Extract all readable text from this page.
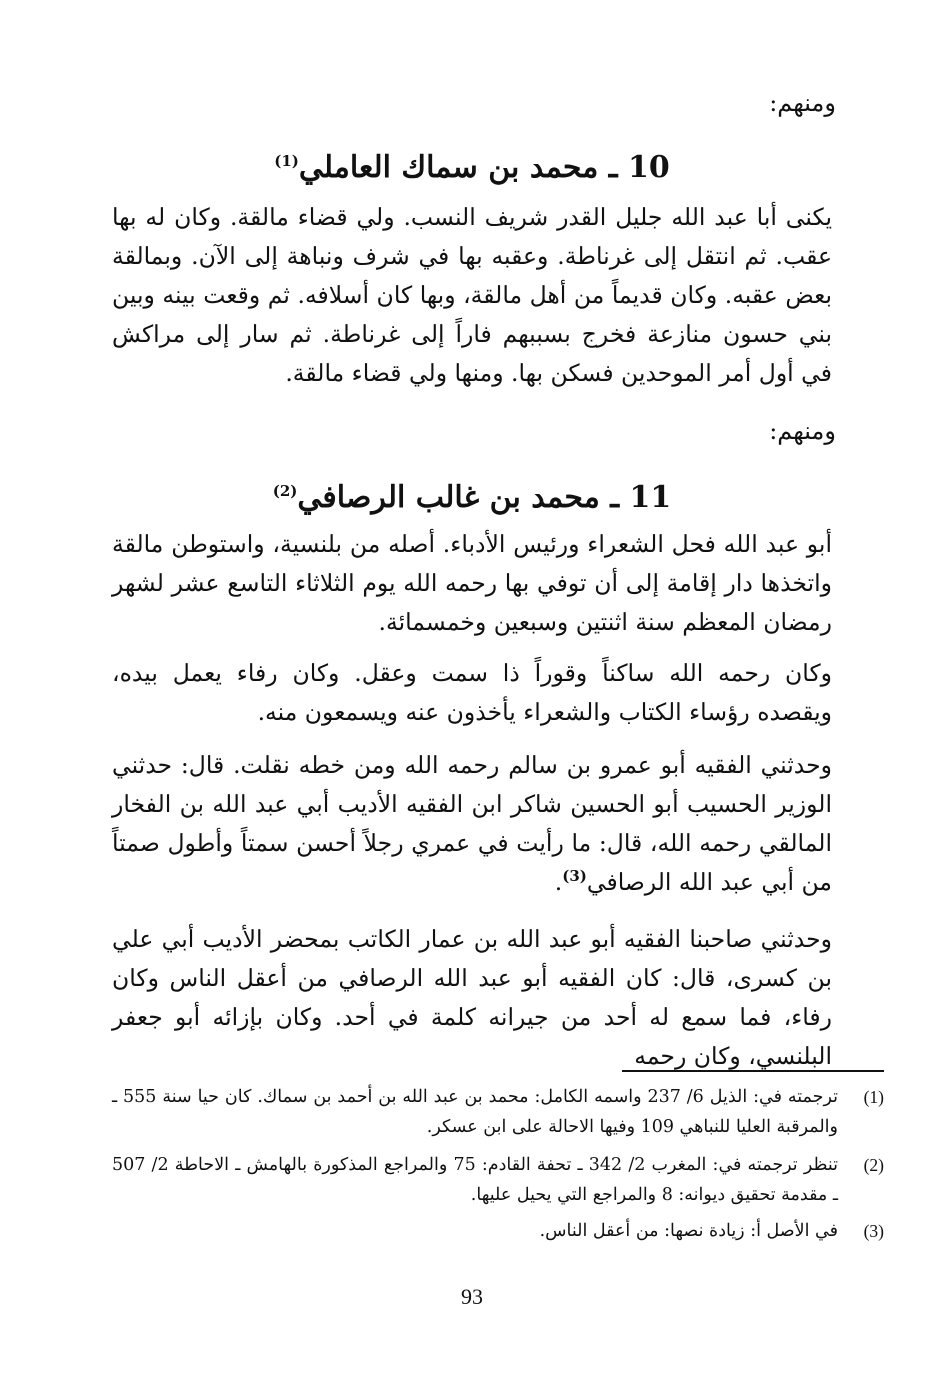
ومنهم:
10 ـ محمد بن سماك العاملي$^{(1)}$
يكنى أبا عبد الله جليل القدر شريف النسب. ولي قضاء مالقة. وكان له بها عقب. ثم انتقل إلى غرناطة. وعقبه بها في شرف ونباهة إلى الآن. وبمالقة بعض عقبه. وكان قديماً من أهل مالقة، وبها كان أسلافه. ثم وقعت بينه وبين بني حسون منازعة فخرج بسببهم فاراً إلى غرناطة. ثم سار إلى مراكش في أول أمر الموحدين فسكن بها. ومنها ولي قضاء مالقة.
ومنهم:
11 ـ محمد بن غالب الرصافي$^{(2)}$
أبو عبد الله فحل الشعراء ورئيس الأدباء. أصله من بلنسية، واستوطن مالقة واتخذها دار إقامة إلى أن توفي بها رحمه الله يوم الثلاثاء التاسع عشر لشهر رمضان المعظم سنة اثنتين وسبعين وخمسمائة.
وكان رحمه الله ساكناً وقوراً ذا سمت وعقل. وكان رفاء يعمل بيده، ويقصده رؤساء الكتاب والشعراء يأخذون عنه ويسمعون منه.
وحدثني الفقيه أبو عمرو بن سالم رحمه الله ومن خطه نقلت. قال: حدثني الوزير الحسيب أبو الحسين شاكر ابن الفقيه الأديب أبي عبد الله بن الفخار المالقي رحمه الله، قال: ما رأيت في عمري رجلاً أحسن سمتاً وأطول صمتاً من أبي عبد الله الرصافي$^{(3)}$.
وحدثني صاحبنا الفقيه أبو عبد الله بن عمار الكاتب بمحضر الأديب أبي علي بن كسرى، قال: كان الفقيه أبو عبد الله الرصافي من أعقل الناس وكان رفاء، فما سمع له أحد من جيرانه كلمة في أحد. وكان بإزائه أبو جعفر البلنسي، وكان رحمه
(1)
ترجمته في: الذيل 6/ 237 واسمه الكامل: محمد بن عبد الله بن أحمد بن سماك. كان حيا سنة 555 ـ والمرقبة العليا للنباهي 109 وفيها الاحالة على ابن عسكر.
(2)
تنظر ترجمته في: المغرب 2/ 342 ـ تحفة القادم: 75 والمراجع المذكورة بالهامش ـ الاحاطة 2/ 507 ـ مقدمة تحقيق ديوانه: 8 والمراجع التي يحيل عليها.
(3)
في الأصل أ: زيادة نصها: من أعقل الناس.
93
